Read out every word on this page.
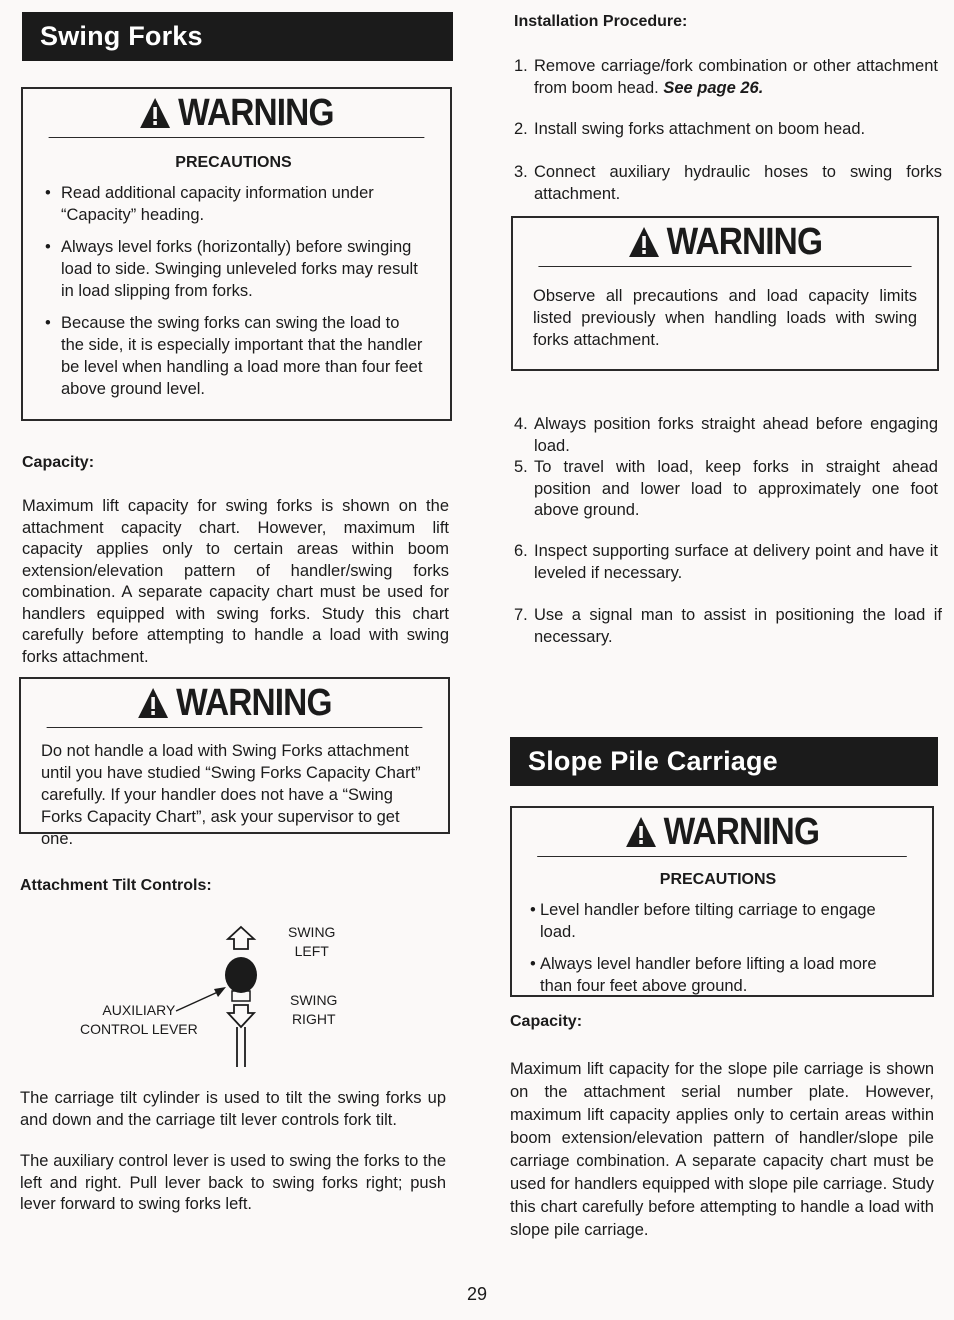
Swing Forks
WARNING
PRECAUTIONS
• Read additional capacity information under “Capacity” heading.
• Always level forks (horizontally) before swinging load to side. Swinging unleveled forks may result in load slipping from forks.
• Because the swing forks can swing the load to the side, it is especially important that the handler be level when handling a load more than four feet above ground level.
Capacity:
Maximum lift capacity for swing forks is shown on the attachment capacity chart. However, maximum lift capacity applies only to certain areas within boom extension/elevation pattern of handler/swing forks combination. A separate capacity chart must be used for handlers equipped with swing forks. Study this chart carefully before attempting to handle a load with swing forks attachment.
WARNING
Do not handle a load with Swing Forks attachment until you have studied “Swing Forks Capacity Chart” carefully. If your handler does not have a “Swing Forks Capacity Chart”, ask your supervisor to get one.
Attachment Tilt Controls:
SWING
LEFT
SWING
RIGHT
AUXILIARY
CONTROL LEVER
The carriage tilt cylinder is used to tilt the swing forks up and down and the carriage tilt lever controls fork tilt.
The auxiliary control lever is used to swing the forks to the left and right. Pull lever back to swing forks right; push lever forward to swing forks left.
Installation Procedure:
1. Remove carriage/fork combination or other attachment from boom head. See page 26.
2. Install swing forks attachment on boom head.
3. Connect auxiliary hydraulic hoses to swing forks attachment.
WARNING
Observe all precautions and load capacity limits listed previously when handling loads with swing forks attachment.
4. Always position forks straight ahead before engaging load.
5. To travel with load, keep forks in straight ahead position and lower load to approximately one foot above ground.
6. Inspect supporting surface at delivery point and have it leveled if necessary.
7. Use a signal man to assist in positioning the load if necessary.
Slope Pile Carriage
WARNING
PRECAUTIONS
• Level handler before tilting carriage to engage load.
• Always level handler before lifting a load more than four feet above ground.
Capacity:
Maximum lift capacity for the slope pile carriage is shown on the attachment serial number plate. However, maximum lift capacity applies only to certain areas within boom extension/elevation pattern of handler/slope pile carriage combination. A separate capacity chart must be used for handlers equipped with slope pile carriage. Study this chart carefully before attempting to handle a load with slope pile carriage.
29
